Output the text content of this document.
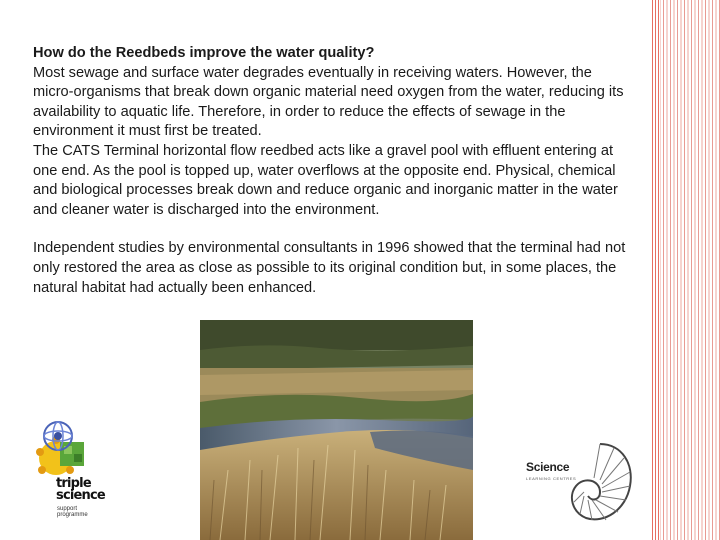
How do the Reedbeds improve the water quality?

Most sewage and surface water degrades eventually in receiving waters. However, the micro-organisms that break down organic material need oxygen from the water, reducing its availability to aquatic life. Therefore, in order to reduce the effects of sewage in the environment it must first be treated.

The CATS Terminal horizontal flow reedbed acts like a gravel pool with effluent entering at one end. As the pool is topped up, water overflows at the opposite end. Physical, chemical and biological processes break down and reduce organic and inorganic matter in the water and cleaner water is discharged into the environment.

Independent studies by environmental consultants in 1996 showed that the terminal had not only restored the area as close as possible to its original condition but, in some places, the natural habitat had actually been enhanced.

triple
science
support
programme
Science
LEARNING CENTRES
